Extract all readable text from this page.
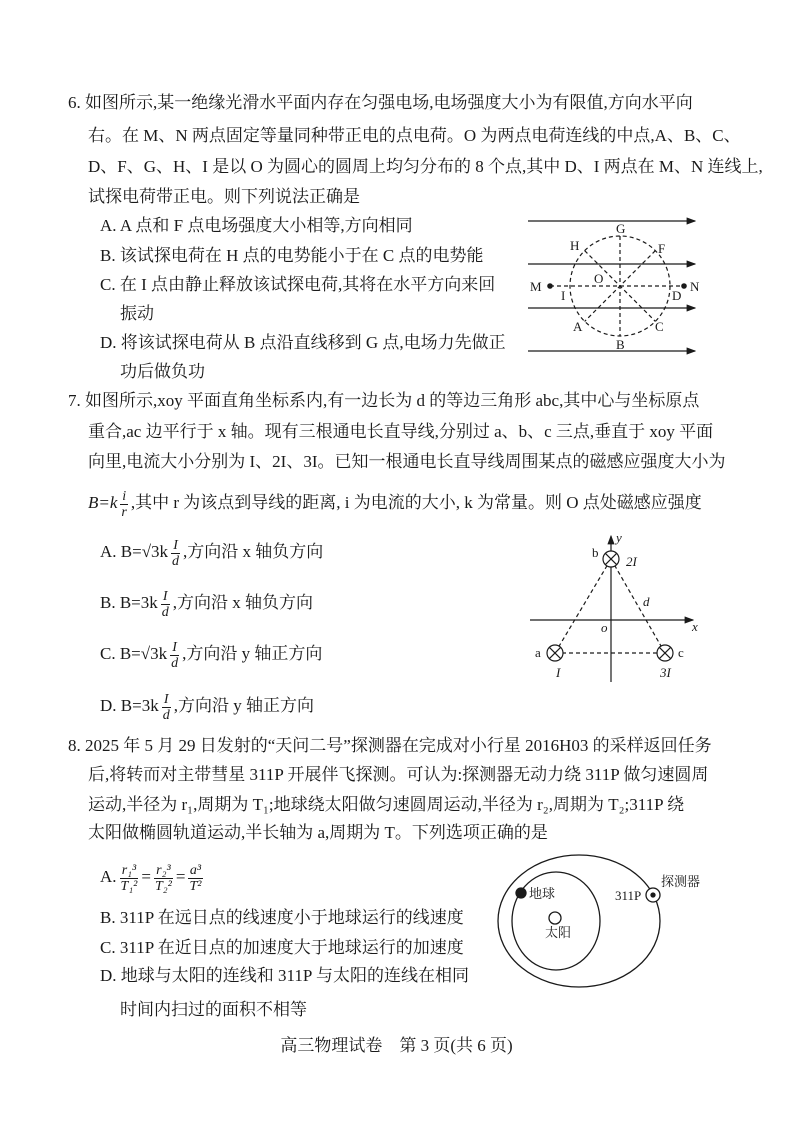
6. 如图所示,某一绝缘光滑水平面内存在匀强电场,电场强度大小为有限值,方向水平向
右。在 M、N 两点固定等量同种带正电的点电荷。O 为两点电荷连线的中点,A、B、C、
D、F、G、H、I 是以 O 为圆心的圆周上均匀分布的 8 个点,其中 D、I 两点在 M、N 连线上,
试探电荷带正电。则下列说法正确是
A. A 点和 F 点电场强度大小相等,方向相同
B. 该试探电荷在 H 点的电势能小于在 C 点的电势能
C. 在 I 点由静止释放该试探电荷,其将在水平方向来回
振动
D. 将该试探电荷从 B 点沿直线移到 G 点,电场力先做正
功后做负功
7. 如图所示,xoy 平面直角坐标系内,有一边长为 d 的等边三角形 abc,其中心与坐标原点
重合,ac 边平行于 x 轴。现有三根通电长直导线,分别过 a、b、c 三点,垂直于 xoy 平面
向里,电流大小分别为 I、2I、3I。已知一根通电长直导线周围某点的磁感应强度大小为
$B=k \frac{i}{r}$ ,其中 r 为该点到导线的距离, i 为电流的大小, k 为常量。则 O 点处磁感应强度
A. $B=√3k \frac{I}{d}$ ,方向沿 x 轴负方向
B. $B=3k \frac{I}{d}$ ,方向沿 x 轴负方向
C. $B=√3k \frac{I}{d}$ ,方向沿 y 轴正方向
D. $B=3k \frac{I}{d}$ ,方向沿 y 轴正方向
8. 2025 年 5 月 29 日发射的“天问二号”探测器在完成对小行星 2016H03 的采样返回任务
后,将转而对主带彗星 311P 开展伴飞探测。可认为:探测器无动力绕 311P 做匀速圆周
运动,半径为 r₁,周期为 T₁;地球绕太阳做匀速圆周运动,半径为 r₂,周期为 T₂;311P 绕
太阳做椭圆轨道运动,半长轴为 a,周期为 T。下列选项正确的是
A. $\frac{\text{r₁³}}{\text{T₁²}} = \frac{\text{r₂³}}{\text{T₂²}} = \frac{\text{a³}}{\text{T²}}$
B. 311P 在远日点的线速度小于地球运行的线速度
C. 311P 在近日点的加速度大于地球运行的加速度
D. 地球与太阳的连线和 311P 与太阳的连线在相同
时间内扫过的面积不相等
高三物理试卷　第 3 页(共 6 页)
G
H	F
O
M
I	D
N
A	C
B
y
x
o
b
2I
d
a	c
I	3I
地球
太阳
311P
探测器
